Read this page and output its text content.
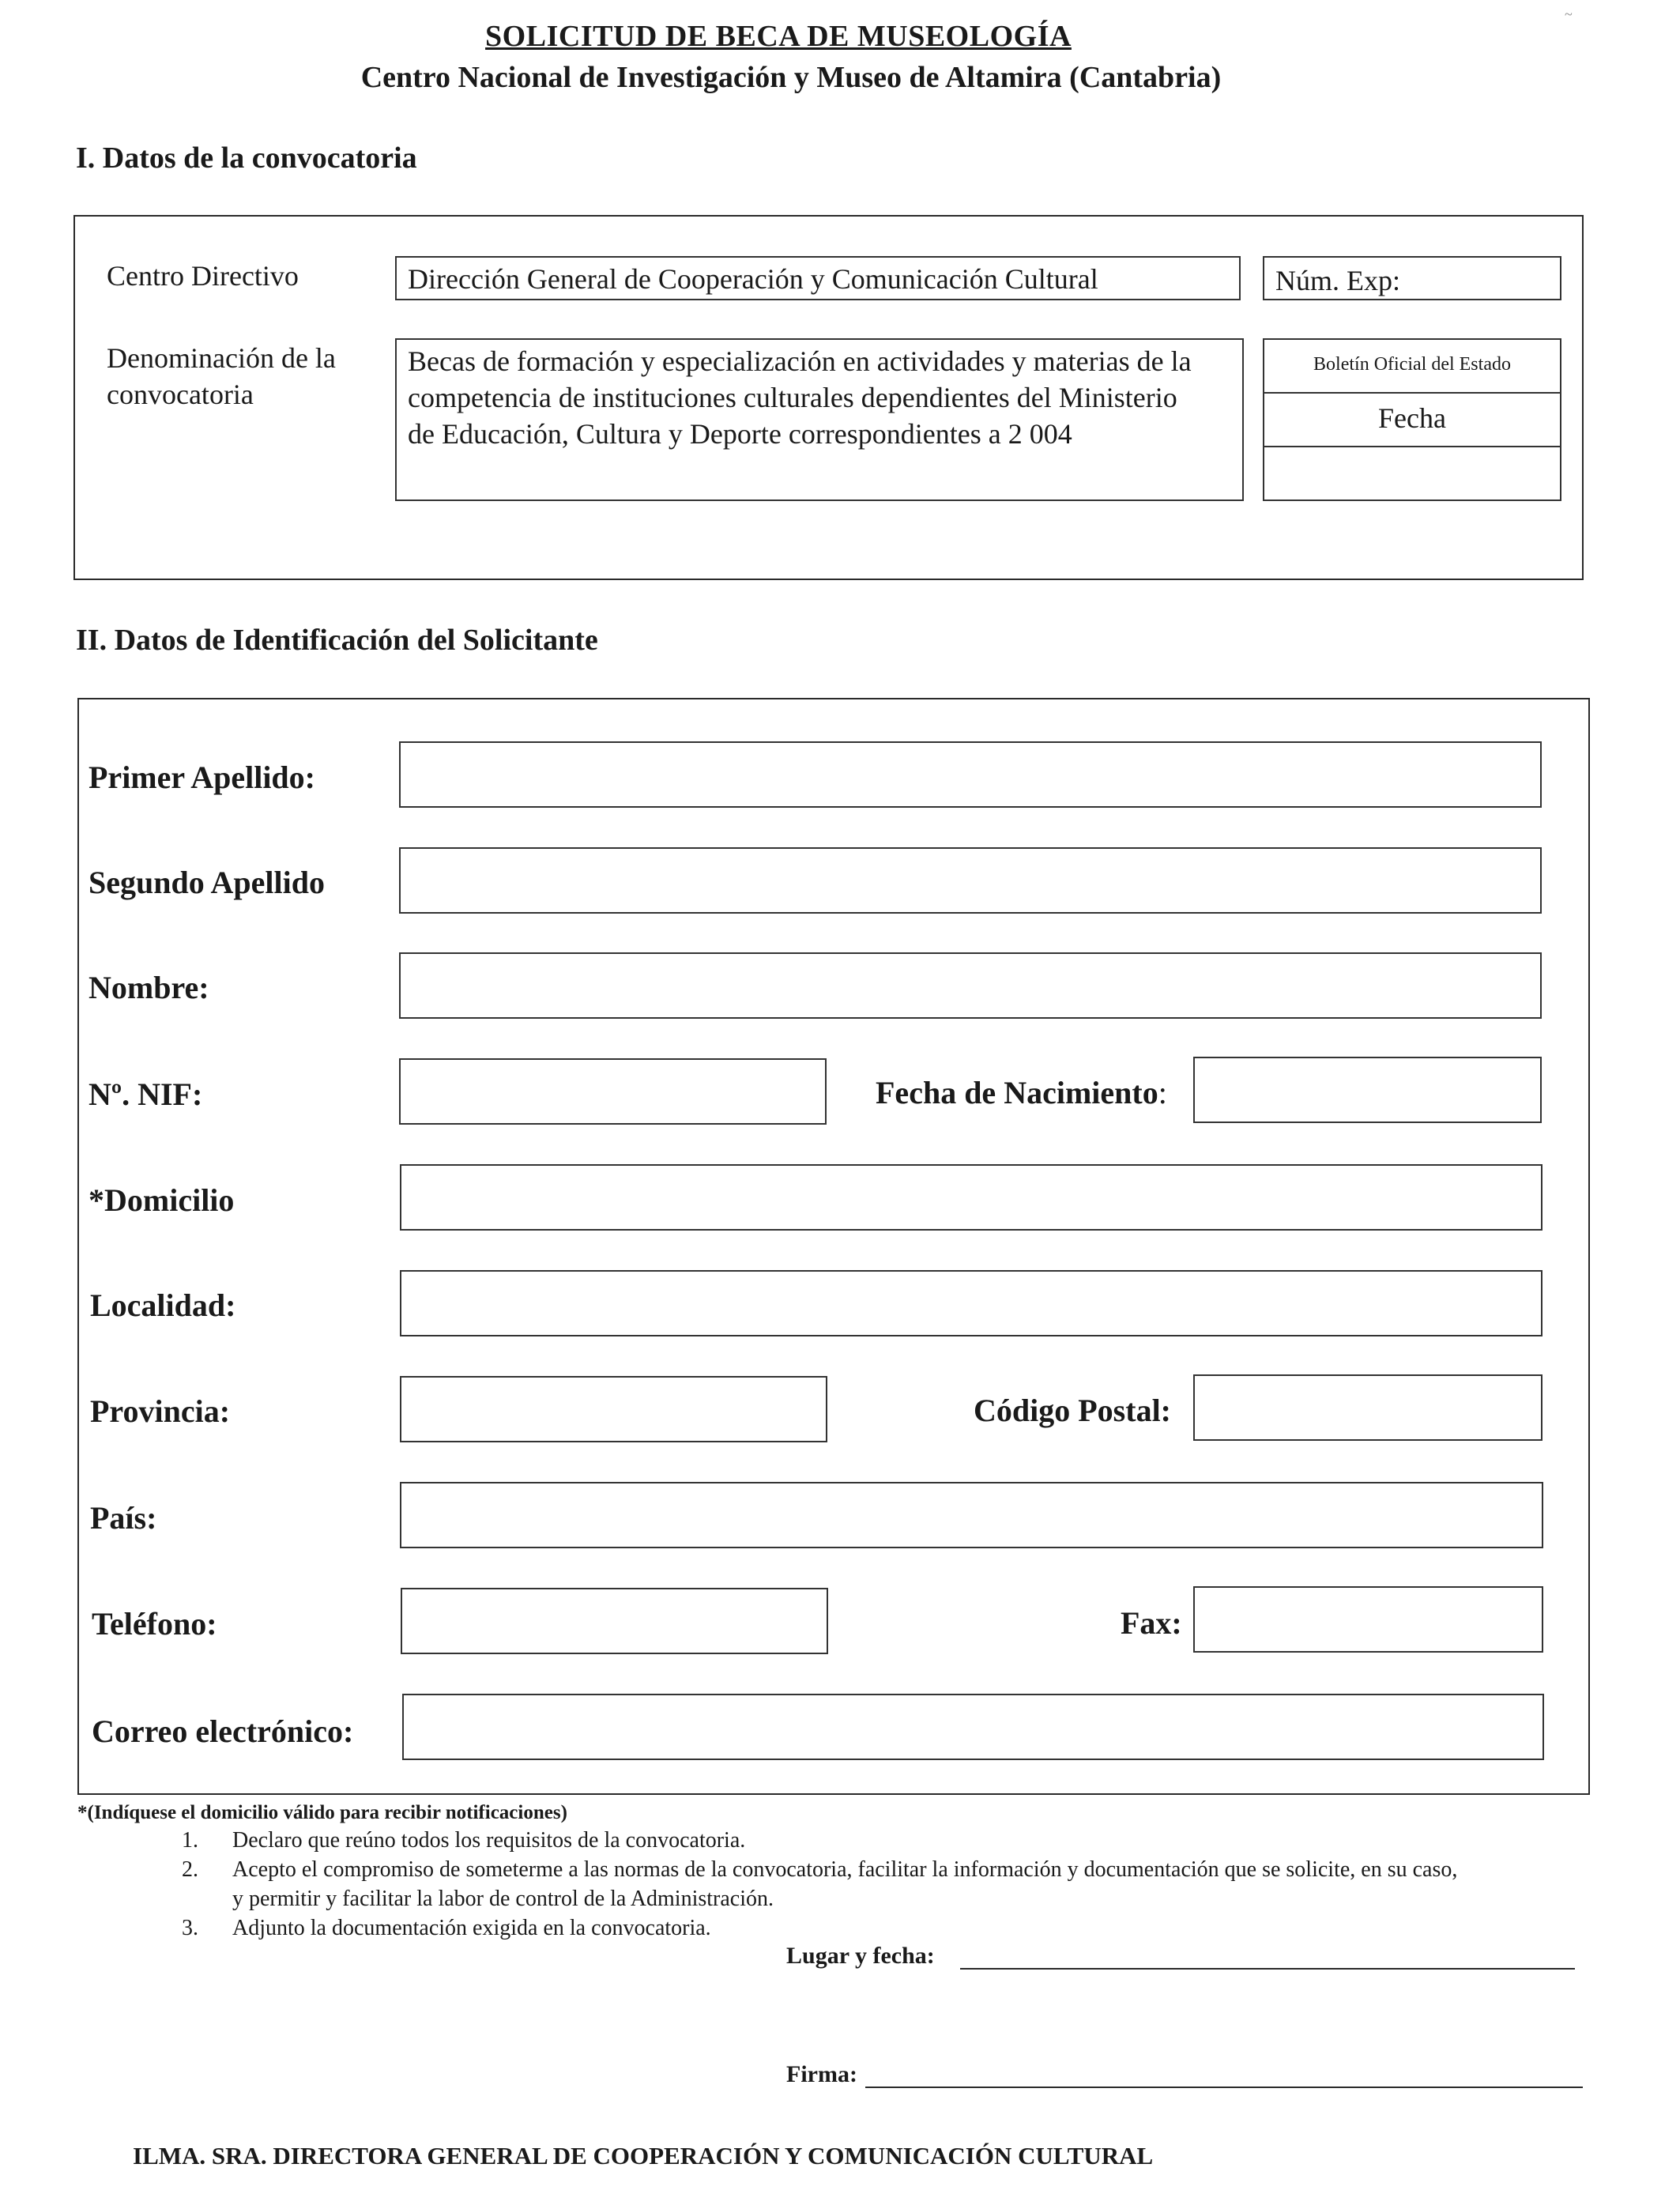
~
SOLICITUD DE BECA DE MUSEOLOGÍA
Centro Nacional de Investigación y Museo de Altamira (Cantabria)
I. Datos de la convocatoria
Centro Directivo	Dirección General de Cooperación y Comunicación Cultural	Núm. Exp:
Denominación de la
convocatoria
Becas de formación y especialización en actividades y materias de la
competencia de instituciones culturales dependientes del Ministerio
de Educación, Cultura y Deporte correspondientes a 2 004
Boletín Oficial del Estado
Fecha
II. Datos de Identificación del Solicitante
Primer Apellido:
Segundo Apellido
Nombre:
Nº. NIF:	Fecha de Nacimiento:
*Domicilio
Localidad:
Provincia:	Código Postal:
País:
Teléfono:	Fax:
Correo electrónico:
*(Indíquese el domicilio válido para recibir notificaciones)
1. Declaro que reúno todos los requisitos de la convocatoria.
2. Acepto el compromiso de someterme a las normas de la convocatoria, facilitar la información y documentación que se solicite, en su caso,
y permitir y facilitar la labor de control de la Administración.
3. Adjunto la documentación exigida en la convocatoria.
Lugar y fecha:
Firma:
ILMA. SRA. DIRECTORA GENERAL DE COOPERACIÓN Y COMUNICACIÓN CULTURAL
